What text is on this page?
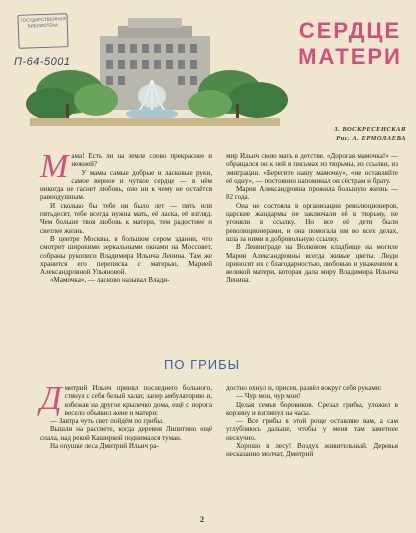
ГОСУДАРСТВЕННАЯ БИБЛИОТЕКА
П-64-5001
СЕРДЦЕ
МАТЕРИ
З. ВОСКРЕСЕНСКАЯ
Рис. А. ЕРМОЛАЕВА

Мама! Есть ли на земле слово прекраснее и нежней?

У мамы самые добрые и ласковые руки, самое верное и чуткое сердце — в нём никогда не гаснет любовь, оно ни к чему не остаётся равнодушным.

И сколько бы тебе ни было лет — пять или пятьдесят, тебе всегда нужна мать, её ласка, её взгляд. Чем больше твоя любовь к матери, тем радостнее и светлее жизнь.

В центре Москвы, в большом сером здании, что смотрит широкими зеркальными окнами на Моссовет, собраны рукописи Владимира Ильича Ленина. Там же хранится его переписка с матерью, Марией Александровной Ульяновой.

«Мамочка», — ласково называл Влади-

мир Ильич свою мать в детстве. «Дорогая мамочка!» — обращался он к ней в письмах из тюрьмы, из ссылки, из эмиграции. «Берегите нашу мамочку», «не оставляйте её одну», — постоянно напоминал он сёстрам и брату.

Мария Александровна прожила большую жизнь — 82 года.

Она не состояла в организации революционеров, царские жандармы не заключали её в тюрьму, не угоняли в ссылку. Но все её дети были революционерами, и она помогала им во всех делах, шла за ними в добровольную ссылку.

В Ленинграде на Волковом кладбище на могиле Марии Александровны всегда живые цветы. Люди приносят их с благодарностью, любовью и уважением к великой матери, которая дала миру Владимира Ильича Ленина.

ПО ГРИБЫ

Дмитрий Ильич принял последнего больного, стянул с себя белый халат, запер амбулаторию и, взбежав на другое крылечко дома, ещё с порога весело объявил жене и матери:

— Завтра чуть свет пойдём по грибы.

Вышли на рассвете, когда деревня Липитино ещё спала, над рекой Каширкой поднимался туман.

На опушке леса Дмитрий Ильич ра-

достно охнул и, присев, развёл вокруг себя руками:

— Чур мои, чур мои!

Целая семья боровиков. Срезал грибы, уложил в корзину и взглянул на часы.

— Все грибы в этой роще оставляю вам, а сам углубляюсь дальше, чтобы у меня там заметнее нескучно.

Хорошо в лесу! Воздух живительный. Деревья несказанно молчат, Дмитрий

2
